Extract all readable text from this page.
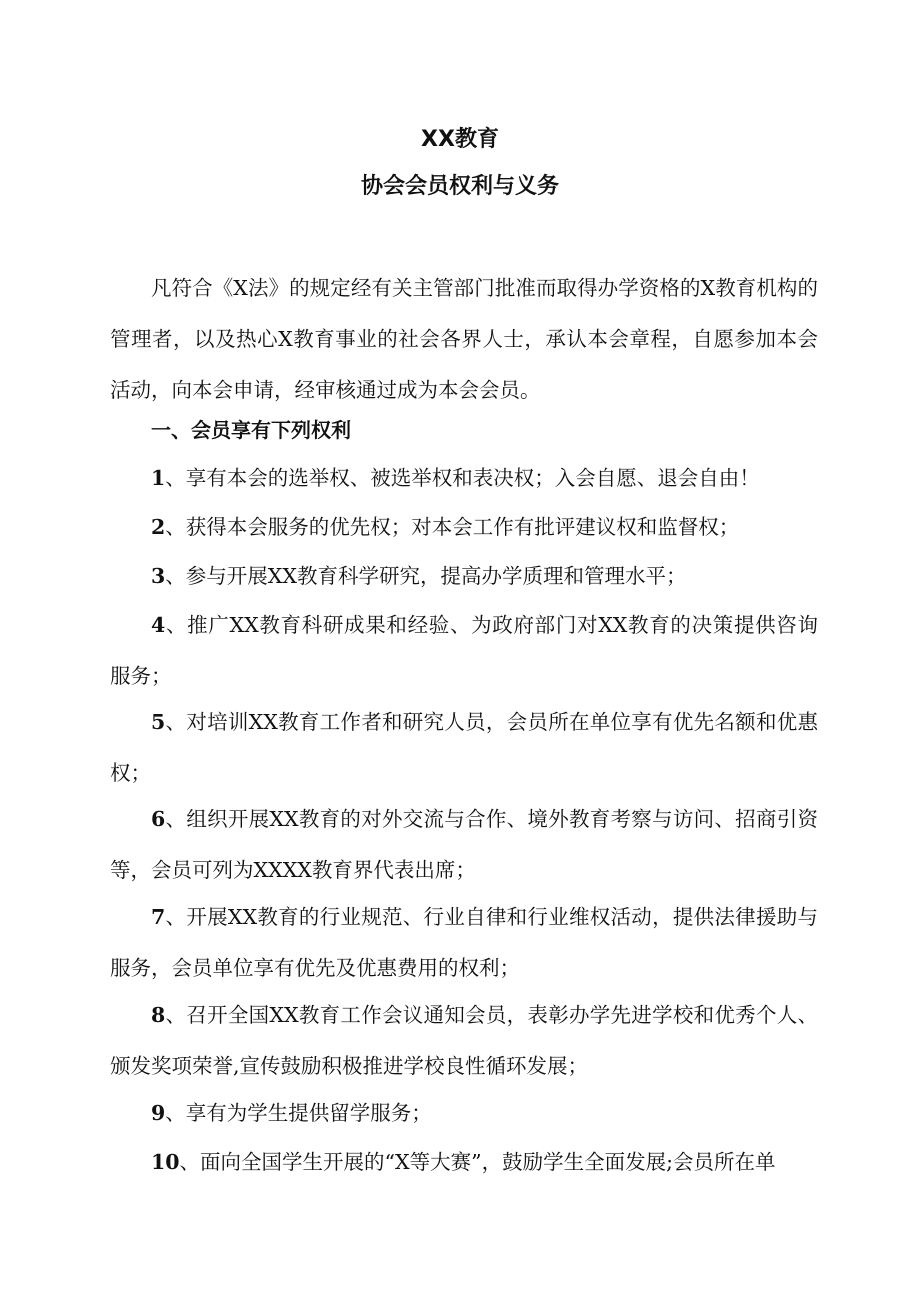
XX教育
协会会员权利与义务

凡符合《X法》的规定经有关主管部门批准而取得办学资格的X教育机构的管理者，以及热心X教育事业的社会各界人士，承认本会章程，自愿参加本会活动，向本会申请，经审核通过成为本会会员。

一、会员享有下列权利

1、享有本会的选举权、被选举权和表决权；入会自愿、退会自由！

2、获得本会服务的优先权；对本会工作有批评建议权和监督权；

3、参与开展XX教育科学研究，提高办学质理和管理水平；

4、推广XX教育科研成果和经验、为政府部门对XX教育的决策提供咨询服务；

5、对培训XX教育工作者和研究人员，会员所在单位享有优先名额和优惠权；

6、组织开展XX教育的对外交流与合作、境外教育考察与访问、招商引资等，会员可列为XXXX教育界代表出席；

7、开展XX教育的行业规范、行业自律和行业维权活动，提供法律援助与服务，会员单位享有优先及优惠费用的权利；

8、召开全国XX教育工作会议通知会员，表彰办学先进学校和优秀个人、颁发奖项荣誉,宣传鼓励积极推进学校良性循环发展；

9、享有为学生提供留学服务；

10、面向全国学生开展的“X等大赛”，鼓励学生全面发展;会员所在单
